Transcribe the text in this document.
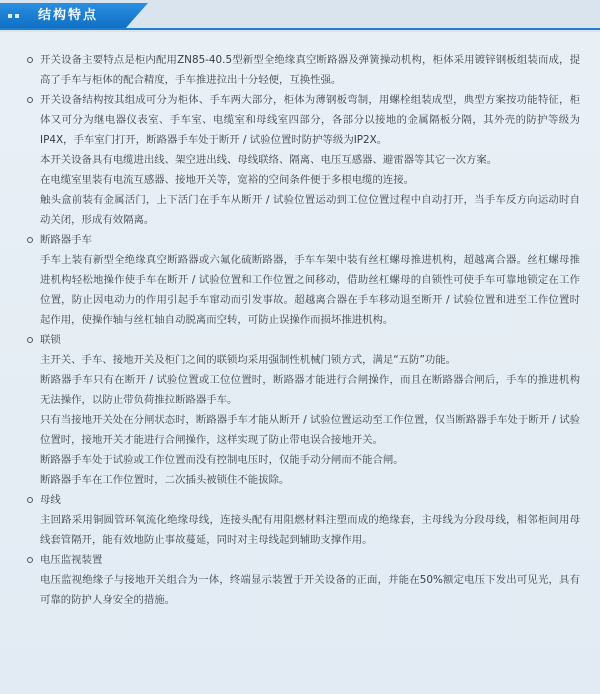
结构特点

开关设备主要特点是柜内配用ZN85-40.5型新型全绝缘真空断路器及弹簧操动机构，柜体采用镀锌钢板组装而成，提高了手车与柜体的配合精度，手车推进拉出十分轻便，互换性强。

开关设备结构按其组成可分为柜体、手车两大部分，柜体为薄钢板弯制，用螺栓组装成型，典型方案按功能特征，柜体又可分为继电器仪表室、手车室、电缆室和母线室四部分，各部分以接地的金属隔板分隔，其外壳的防护等级为IP4X，手车室门打开，断路器手车处于断开 / 试验位置时防护等级为IP2X。

本开关设备具有电缆进出线、架空进出线、母线联络、隔离、电压互感器、避雷器等其它一次方案。

在电缆室里装有电流互感器、接地开关等，宽裕的空间条件便于多根电缆的连接。

触头盒前装有金属活门，上下活门在手车从断开 / 试验位置运动到工位位置过程中自动打开，当手车反方向运动时自动关闭，形成有效隔离。

断路器手车

手车上装有新型全绝缘真空断路器或六氟化硫断路器，手车车架中装有丝杠螺母推进机构，超越离合器。丝杠螺母推进机构轻松地操作使手车在断开 / 试验位置和工作位置之间移动，借助丝杠螺母的自锁性可使手车可靠地锁定在工作位置，防止因电动力的作用引起手车窜动而引发事故。超越离合器在手车移动退至断开 / 试验位置和进至工作位置时起作用，使操作轴与丝杠轴自动脱离而空转，可防止误操作而损坏推进机构。

联锁

主开关、手车、接地开关及柜门之间的联锁均采用强制性机械门锁方式，满足“五防”功能。

断路器手车只有在断开 / 试验位置或工位位置时，断路器才能进行合闸操作，而且在断路器合闸后，手车的推进机构无法操作，以防止带负荷推拉断路器手车。

只有当接地开关处在分闸状态时，断路器手车才能从断开 / 试验位置运动至工作位置，仅当断路器手车处于断开 / 试验位置时，接地开关才能进行合闸操作，这样实现了防止带电误合接地开关。

断路器手车处于试验或工作位置而没有控制电压时，仅能手动分闸而不能合闸。

断路器手车在工作位置时，二次插头被锁住不能拔除。

母线

主回路采用铜圆管环氧流化绝缘母线，连接头配有用阻燃材料注塑而成的绝缘套，主母线为分段母线，相邻柜间用母线套管隔开，能有效地防止事故蔓延，同时对主母线起到辅助支撑作用。

电压监视装置

电压监视绝缘子与接地开关组合为一体，终端显示装置于开关设备的正面，并能在50%额定电压下发出可见光，具有可靠的防护人身安全的措施。
